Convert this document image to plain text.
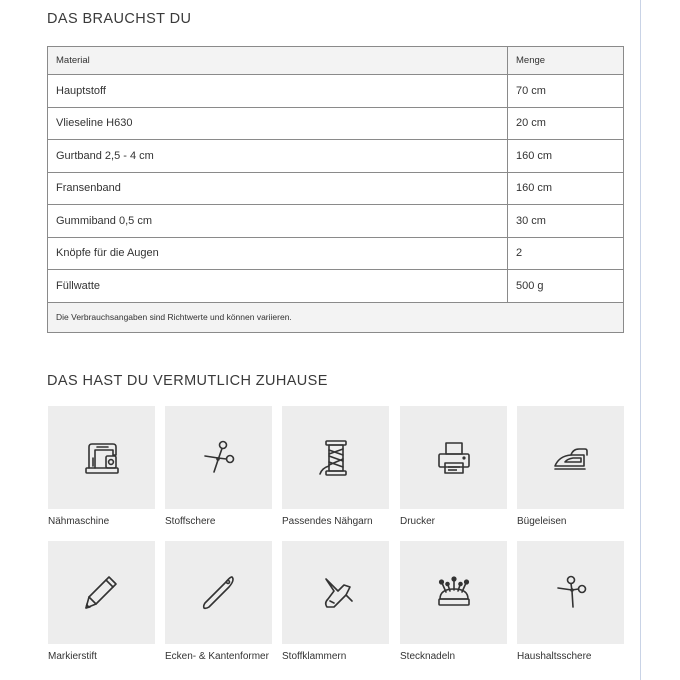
DAS BRAUCHST DU
Material	Menge
Hauptstoff	70 cm
Vlieseline H630	20 cm
Gurtband 2,5 - 4 cm	160 cm
Fransenband	160 cm
Gummiband 0,5 cm	30 cm
Knöpfe für die Augen	2
Füllwatte	500 g
Die Verbrauchsangaben sind Richtwerte und können variieren.	
DAS HAST DU VERMUTLICH ZUHAUSE
Nähmaschine	Stoffschere	Passendes Nähgarn	Drucker	Bügeleisen
Markierstift	Ecken- & Kantenformer	Stoffklammern	Stecknadeln	Haushaltsschere
